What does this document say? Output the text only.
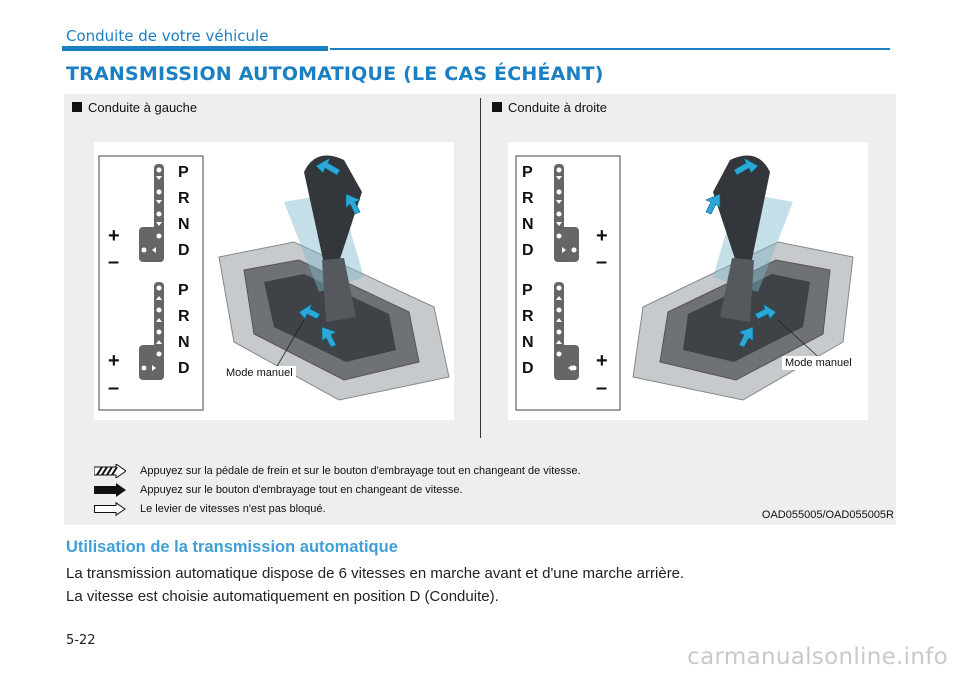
Conduite de votre véhicule
TRANSMISSION AUTOMATIQUE (LE CAS ÉCHÉANT)
Conduite à gauche	Conduite à droite
P
R
N
D
P
R
N
D
+
–
+
–
Mode manuel
P
R
N
D
P
R
N
D
+
–
+
–
Mode manuel
Appuyez sur la pédale de frein et sur le bouton d'embrayage tout en changeant de vitesse.
Appuyez sur le bouton d'embrayage tout en changeant de vitesse.
Le levier de vitesses n'est pas bloqué.	OAD055005/OAD055005R
Utilisation de la transmission automatique
La transmission automatique dispose de 6 vitesses en marche avant et d'une marche arrière.
La vitesse est choisie automatiquement en position D (Conduite).
5-22
carmanualsonline.info
